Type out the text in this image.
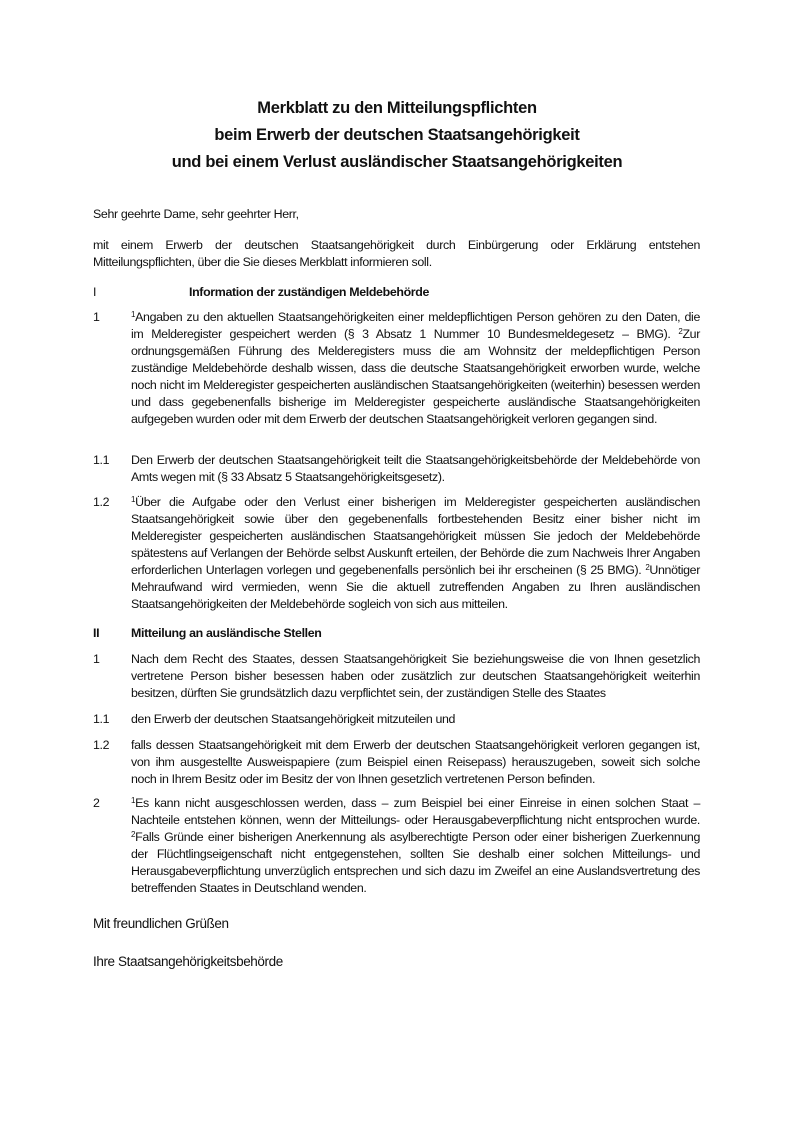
Merkblatt zu den Mitteilungspflichten
beim Erwerb der deutschen Staatsangehörigkeit
und bei einem Verlust ausländischer Staatsangehörigkeiten
Sehr geehrte Dame, sehr geehrter Herr,
mit einem Erwerb der deutschen Staatsangehörigkeit durch Einbürgerung oder Erklärung entstehen Mitteilungspflichten, über die Sie dieses Merkblatt informieren soll.
I	Information der zuständigen Meldebehörde
1	$^1$Angaben zu den aktuellen Staatsangehörigkeiten einer meldepflichtigen Person gehören zu den Daten, die im Melderegister gespeichert werden (§ 3 Absatz 1 Nummer 10 Bundesmeldegesetz – BMG). $^2$Zur ordnungsgemäßen Führung des Melderegisters muss die am Wohnsitz der meldepflichtigen Person zuständige Meldebehörde deshalb wissen, dass die deutsche Staatsangehörigkeit erworben wurde, welche noch nicht im Melderegister gespeicherten ausländischen Staatsangehörigkeiten (weiterhin) besessen werden und dass gegebenenfalls bisherige im Melderegister gespeicherte ausländische Staatsangehörigkeiten aufgegeben wurden oder mit dem Erwerb der deutschen Staatsangehörigkeit verloren gegangen sind.
1.1	Den Erwerb der deutschen Staatsangehörigkeit teilt die Staatsangehörigkeitsbehörde der Meldebehörde von Amts wegen mit (§ 33 Absatz 5 Staatsangehörigkeitsgesetz).
1.2	$^1$Über die Aufgabe oder den Verlust einer bisherigen im Melderegister gespeicherten ausländischen Staatsangehörigkeit sowie über den gegebenenfalls fortbestehenden Besitz einer bisher nicht im Melderegister gespeicherten ausländischen Staatsangehörigkeit müssen Sie jedoch der Meldebehörde spätestens auf Verlangen der Behörde selbst Auskunft erteilen, der Behörde die zum Nachweis Ihrer Angaben erforderlichen Unterlagen vorlegen und gegebenenfalls persönlich bei ihr erscheinen (§ 25 BMG). $^2$Unnötiger Mehraufwand wird vermieden, wenn Sie die aktuell zutreffenden Angaben zu Ihren ausländischen Staatsangehörigkeiten der Meldebehörde sogleich von sich aus mitteilen.
II	Mitteilung an ausländische Stellen
1	Nach dem Recht des Staates, dessen Staatsangehörigkeit Sie beziehungsweise die von Ihnen gesetzlich vertretene Person bisher besessen haben oder zusätzlich zur deutschen Staatsangehörigkeit weiterhin besitzen, dürften Sie grundsätzlich dazu verpflichtet sein, der zuständigen Stelle des Staates
1.1	den Erwerb der deutschen Staatsangehörigkeit mitzuteilen und
1.2	falls dessen Staatsangehörigkeit mit dem Erwerb der deutschen Staatsangehörigkeit verloren gegangen ist, von ihm ausgestellte Ausweispapiere (zum Beispiel einen Reisepass) herauszugeben, soweit sich solche noch in Ihrem Besitz oder im Besitz der von Ihnen gesetzlich vertretenen Person befinden.
2	$^1$Es kann nicht ausgeschlossen werden, dass – zum Beispiel bei einer Einreise in einen solchen Staat – Nachteile entstehen können, wenn der Mitteilungs- oder Herausgabeverpflichtung nicht entsprochen wurde. $^2$Falls Gründe einer bisherigen Anerkennung als asylberechtigte Person oder einer bisherigen Zuerkennung der Flüchtlingseigenschaft nicht entgegenstehen, sollten Sie deshalb einer solchen Mitteilungs- und Herausgabeverpflichtung unverzüglich entsprechen und sich dazu im Zweifel an eine Auslandsvertretung des betreffenden Staates in Deutschland wenden.
Mit freundlichen Grüßen
Ihre Staatsangehörigkeitsbehörde
